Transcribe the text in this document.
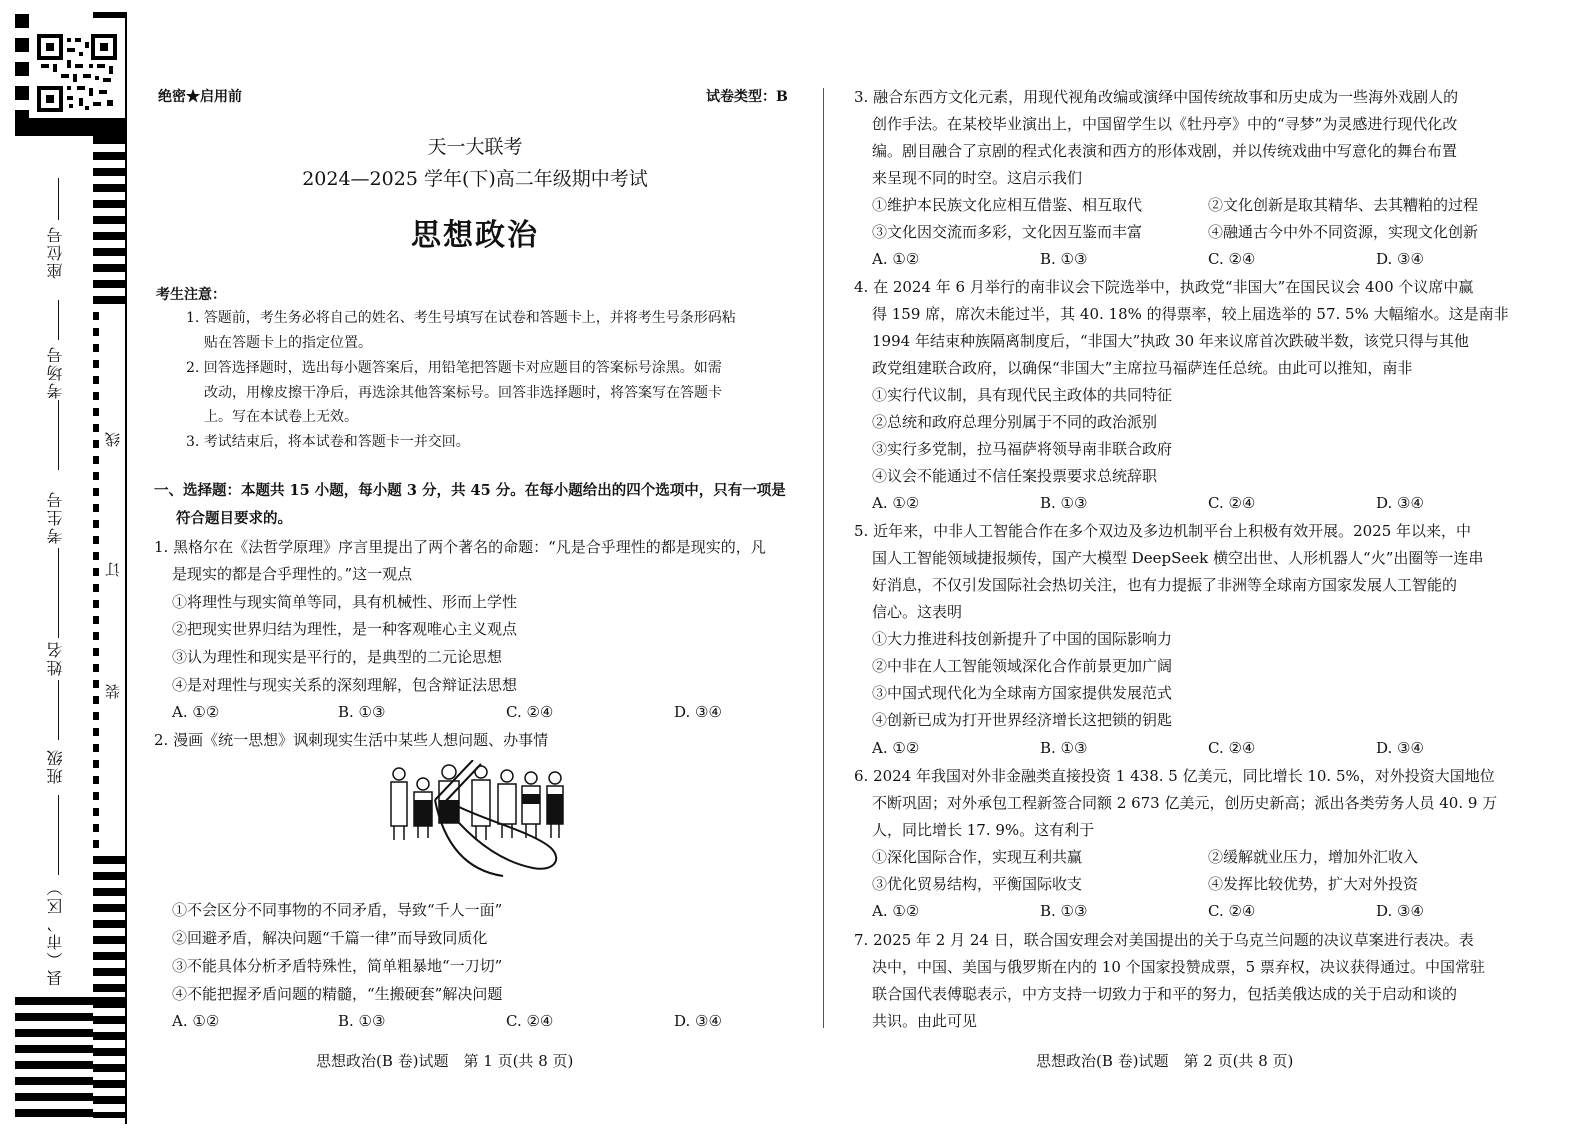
座位号
考场号
考生号
姓名
班级
县（市、区）
线
订
装
绝密★启用前	试卷类型：B
天一大联考
2024—2025 学年(下)高二年级期中考试
思想政治
考生注意：
1. 答题前，考生务必将自己的姓名、考生号填写在试卷和答题卡上，并将考生号条形码粘
贴在答题卡上的指定位置。
2. 回答选择题时，选出每小题答案后，用铅笔把答题卡对应题目的答案标号涂黑。如需
改动，用橡皮擦干净后，再选涂其他答案标号。回答非选择题时，将答案写在答题卡
上。写在本试卷上无效。
3. 考试结束后，将本试卷和答题卡一并交回。
一、选择题：本题共 15 小题，每小题 3 分，共 45 分。在每小题给出的四个选项中，只有一项是
符合题目要求的。
1. 黑格尔在《法哲学原理》序言里提出了两个著名的命题：“凡是合乎理性的都是现实的，凡
是现实的都是合乎理性的。”这一观点
①将理性与现实简单等同，具有机械性、形而上学性
②把现实世界归结为理性，是一种客观唯心主义观点
③认为理性和现实是平行的，是典型的二元论思想
④是对理性与现实关系的深刻理解，包含辩证法思想
A. ①②	B. ①③	C. ②④	D. ③④
2. 漫画《统一思想》讽刺现实生活中某些人想问题、办事情
①不会区分不同事物的不同矛盾，导致“千人一面”
②回避矛盾，解决问题“千篇一律”而导致同质化
③不能具体分析矛盾特殊性，简单粗暴地“一刀切”
④不能把握矛盾问题的精髓，“生搬硬套”解决问题
A. ①②	B. ①③	C. ②④	D. ③④
思想政治(B 卷)试题　第 1 页(共 8 页)
3. 融合东西方文化元素，用现代视角改编或演绎中国传统故事和历史成为一些海外戏剧人的
创作手法。在某校毕业演出上，中国留学生以《牡丹亭》中的“寻梦”为灵感进行现代化改
编。剧目融合了京剧的程式化表演和西方的形体戏剧，并以传统戏曲中写意化的舞台布置
来呈现不同的时空。这启示我们
①维护本民族文化应相互借鉴、相互取代	②文化创新是取其精华、去其糟粕的过程
③文化因交流而多彩，文化因互鉴而丰富	④融通古今中外不同资源，实现文化创新
A. ①②	B. ①③	C. ②④	D. ③④
4. 在 2024 年 6 月举行的南非议会下院选举中，执政党“非国大”在国民议会 400 个议席中赢
得 159 席，席次未能过半，其 40. 18% 的得票率，较上届选举的 57. 5% 大幅缩水。这是南非
1994 年结束种族隔离制度后，“非国大”执政 30 年来议席首次跌破半数，该党只得与其他
政党组建联合政府，以确保“非国大”主席拉马福萨连任总统。由此可以推知，南非
①实行代议制，具有现代民主政体的共同特征
②总统和政府总理分别属于不同的政治派别
③实行多党制，拉马福萨将领导南非联合政府
④议会不能通过不信任案投票要求总统辞职
A. ①②	B. ①③	C. ②④	D. ③④
5. 近年来，中非人工智能合作在多个双边及多边机制平台上积极有效开展。2025 年以来，中
国人工智能领域捷报频传，国产大模型 DeepSeek 横空出世、人形机器人“火”出圈等一连串
好消息，不仅引发国际社会热切关注，也有力提振了非洲等全球南方国家发展人工智能的
信心。这表明
①大力推进科技创新提升了中国的国际影响力
②中非在人工智能领域深化合作前景更加广阔
③中国式现代化为全球南方国家提供发展范式
④创新已成为打开世界经济增长这把锁的钥匙
A. ①②	B. ①③	C. ②④	D. ③④
6. 2024 年我国对外非金融类直接投资 1 438. 5 亿美元，同比增长 10. 5%，对外投资大国地位
不断巩固；对外承包工程新签合同额 2 673 亿美元，创历史新高；派出各类劳务人员 40. 9 万
人，同比增长 17. 9%。这有利于
①深化国际合作，实现互利共赢	②缓解就业压力，增加外汇收入
③优化贸易结构，平衡国际收支	④发挥比较优势，扩大对外投资
A. ①②	B. ①③	C. ②④	D. ③④
7. 2025 年 2 月 24 日，联合国安理会对美国提出的关于乌克兰问题的决议草案进行表决。表
决中，中国、美国与俄罗斯在内的 10 个国家投赞成票，5 票弃权，决议获得通过。中国常驻
联合国代表傅聪表示，中方支持一切致力于和平的努力，包括美俄达成的关于启动和谈的
共识。由此可见
思想政治(B 卷)试题　第 2 页(共 8 页)
